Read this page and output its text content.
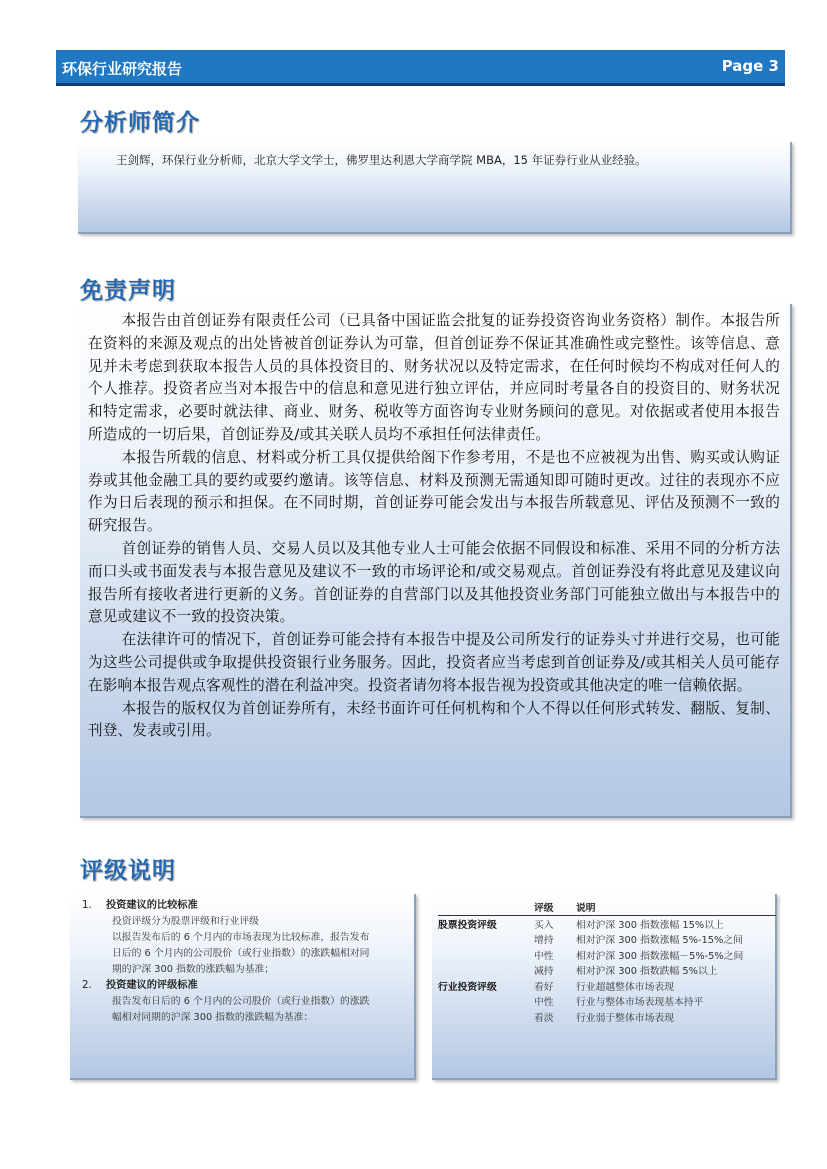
环保行业研究报告	Page 3
分析师简介
王剑辉，环保行业分析师，北京大学文学士，佛罗里达利恩大学商学院 MBA，15 年证券行业从业经验。
免责声明

本报告由首创证券有限责任公司（已具备中国证监会批复的证券投资咨询业务资格）制作。本报告所在资料的来源及观点的出处皆被首创证券认为可靠，但首创证券不保证其准确性或完整性。该等信息、意见并未考虑到获取本报告人员的具体投资目的、财务状况以及特定需求，在任何时候均不构成对任何人的个人推荐。投资者应当对本报告中的信息和意见进行独立评估，并应同时考量各自的投资目的、财务状况和特定需求，必要时就法律、商业、财务、税收等方面咨询专业财务顾问的意见。对依据或者使用本报告所造成的一切后果，首创证券及/或其关联人员均不承担任何法律责任。

本报告所载的信息、材料或分析工具仅提供给阁下作参考用，不是也不应被视为出售、购买或认购证券或其他金融工具的要约或要约邀请。该等信息、材料及预测无需通知即可随时更改。过往的表现亦不应作为日后表现的预示和担保。在不同时期，首创证券可能会发出与本报告所载意见、评估及预测不一致的研究报告。

首创证券的销售人员、交易人员以及其他专业人士可能会依据不同假设和标准、采用不同的分析方法而口头或书面发表与本报告意见及建议不一致的市场评论和/或交易观点。首创证券没有将此意见及建议向报告所有接收者进行更新的义务。首创证券的自营部门以及其他投资业务部门可能独立做出与本报告中的意见或建议不一致的投资决策。

在法律许可的情况下，首创证券可能会持有本报告中提及公司所发行的证券头寸并进行交易，也可能为这些公司提供或争取提供投资银行业务服务。因此，投资者应当考虑到首创证券及/或其相关人员可能存在影响本报告观点客观性的潜在利益冲突。投资者请勿将本报告视为投资或其他决定的唯一信赖依据。

本报告的版权仅为首创证券所有，未经书面许可任何机构和个人不得以任何形式转发、翻版、复制、刊登、发表或引用。

评级说明
1. 投资建议的比较标准
投资评级分为股票评级和行业评级
以报告发布后的 6 个月内的市场表现为比较标准，报告发布
日后的 6 个月内的公司股价（或行业指数）的涨跌幅相对同
期的沪深 300 指数的涨跌幅为基准；
2. 投资建议的评级标准
报告发布日后的 6 个月内的公司股价（或行业指数）的涨跌
幅相对同期的沪深 300 指数的涨跌幅为基准：
	评级	说明
股票投资评级	买入	相对沪深 300 指数涨幅 15%以上
	增持	相对沪深 300 指数涨幅 5%-15%之间
	中性	相对沪深 300 指数涨幅－5%-5%之间
	减持	相对沪深 300 指数跌幅 5%以上
行业投资评级	看好	行业超越整体市场表现
	中性	行业与整体市场表现基本持平
	看淡	行业弱于整体市场表现
